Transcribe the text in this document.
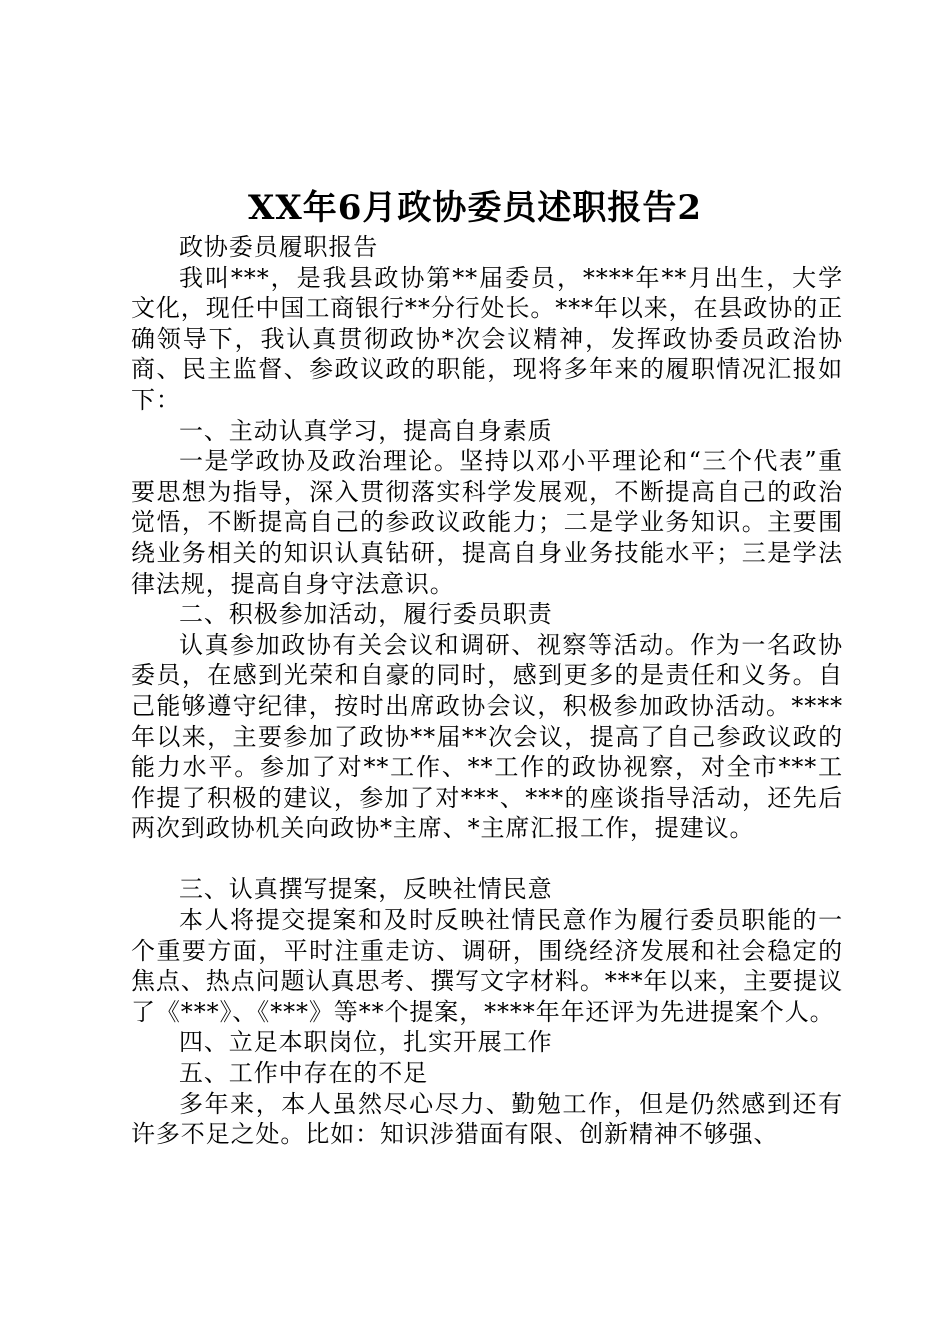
XX年6月政协委员述职报告2

政协委员履职报告

我叫***，是我县政协第**届委员，****年**月出生，大学文化，现任中国工商银行**分行处长。***年以来，在县政协的正确领导下，我认真贯彻政协*次会议精神，发挥政协委员政治协商、民主监督、参政议政的职能，现将多年来的履职情况汇报如下：

一、主动认真学习，提高自身素质

一是学政协及政治理论。坚持以邓小平理论和“三个代表”重要思想为指导，深入贯彻落实科学发展观，不断提高自己的政治觉悟，不断提高自己的参政议政能力；二是学业务知识。主要围绕业务相关的知识认真钻研，提高自身业务技能水平；三是学法律法规，提高自身守法意识。

二、积极参加活动，履行委员职责

认真参加政协有关会议和调研、视察等活动。作为一名政协委员，在感到光荣和自豪的同时，感到更多的是责任和义务。自己能够遵守纪律，按时出席政协会议，积极参加政协活动。****年以来，主要参加了政协**届**次会议，提高了自己参政议政的能力水平。参加了对**工作、**工作的政协视察，对全市***工作提了积极的建议，参加了对***、***的座谈指导活动，还先后两次到政协机关向政协*主席、*主席汇报工作，提建议。

三、认真撰写提案，反映社情民意

本人将提交提案和及时反映社情民意作为履行委员职能的一个重要方面，平时注重走访、调研，围绕经济发展和社会稳定的焦点、热点问题认真思考、撰写文字材料。***年以来，主要提议了《***》、《***》等**个提案，****年年还评为先进提案个人。

四、立足本职岗位，扎实开展工作

五、工作中存在的不足

多年来，本人虽然尽心尽力、勤勉工作，但是仍然感到还有许多不足之处。比如：知识涉猎面有限、创新精神不够强、
